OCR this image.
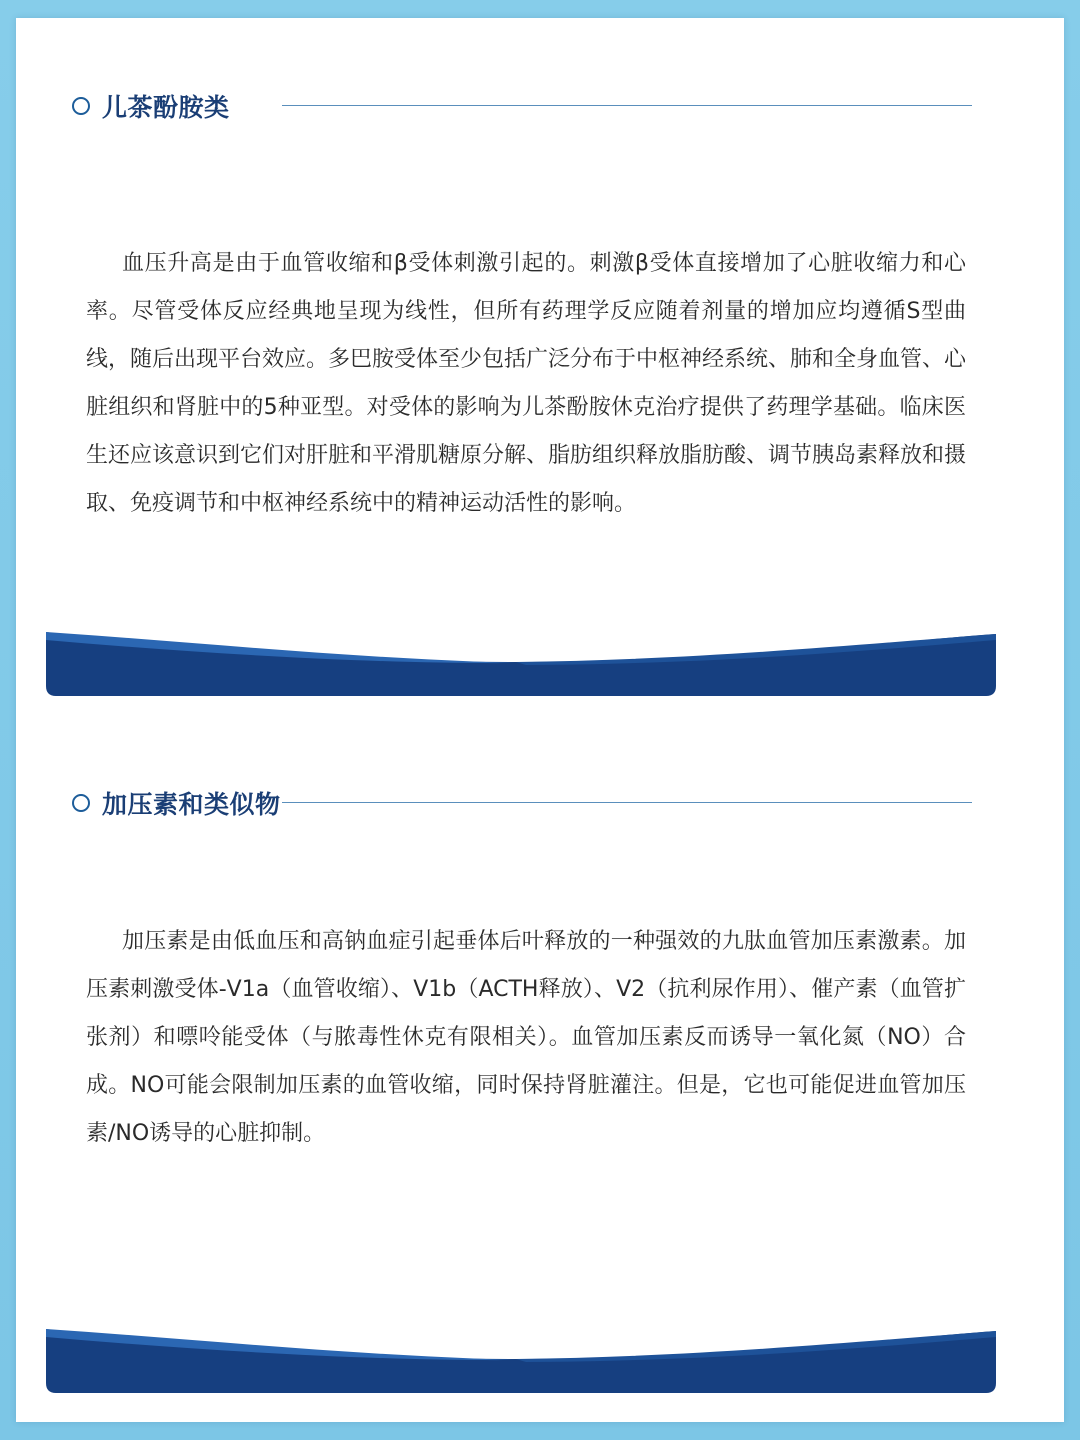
儿茶酚胺类

血压升高是由于血管收缩和β受体刺激引起的。刺激β受体直接增加了心脏收缩力和心率。尽管受体反应经典地呈现为线性，但所有药理学反应随着剂量的增加应均遵循S型曲线，随后出现平台效应。多巴胺受体至少包括广泛分布于中枢神经系统、肺和全身血管、心脏组织和肾脏中的5种亚型。对受体的影响为儿茶酚胺休克治疗提供了药理学基础。临床医生还应该意识到它们对肝脏和平滑肌糖原分解、脂肪组织释放脂肪酸、调节胰岛素释放和摄取、免疫调节和中枢神经系统中的精神运动活性的影响。

加压素和类似物

加压素是由低血压和高钠血症引起垂体后叶释放的一种强效的九肽血管加压素激素。加压素刺激受体-V1a（血管收缩）、V1b（ACTH释放）、V2（抗利尿作用）、催产素（血管扩张剂）和嘌呤能受体（与脓毒性休克有限相关）。血管加压素反而诱导一氧化氮（NO）合成。NO可能会限制加压素的血管收缩，同时保持肾脏灌注。但是，它也可能促进血管加压素/NO诱导的心脏抑制。
